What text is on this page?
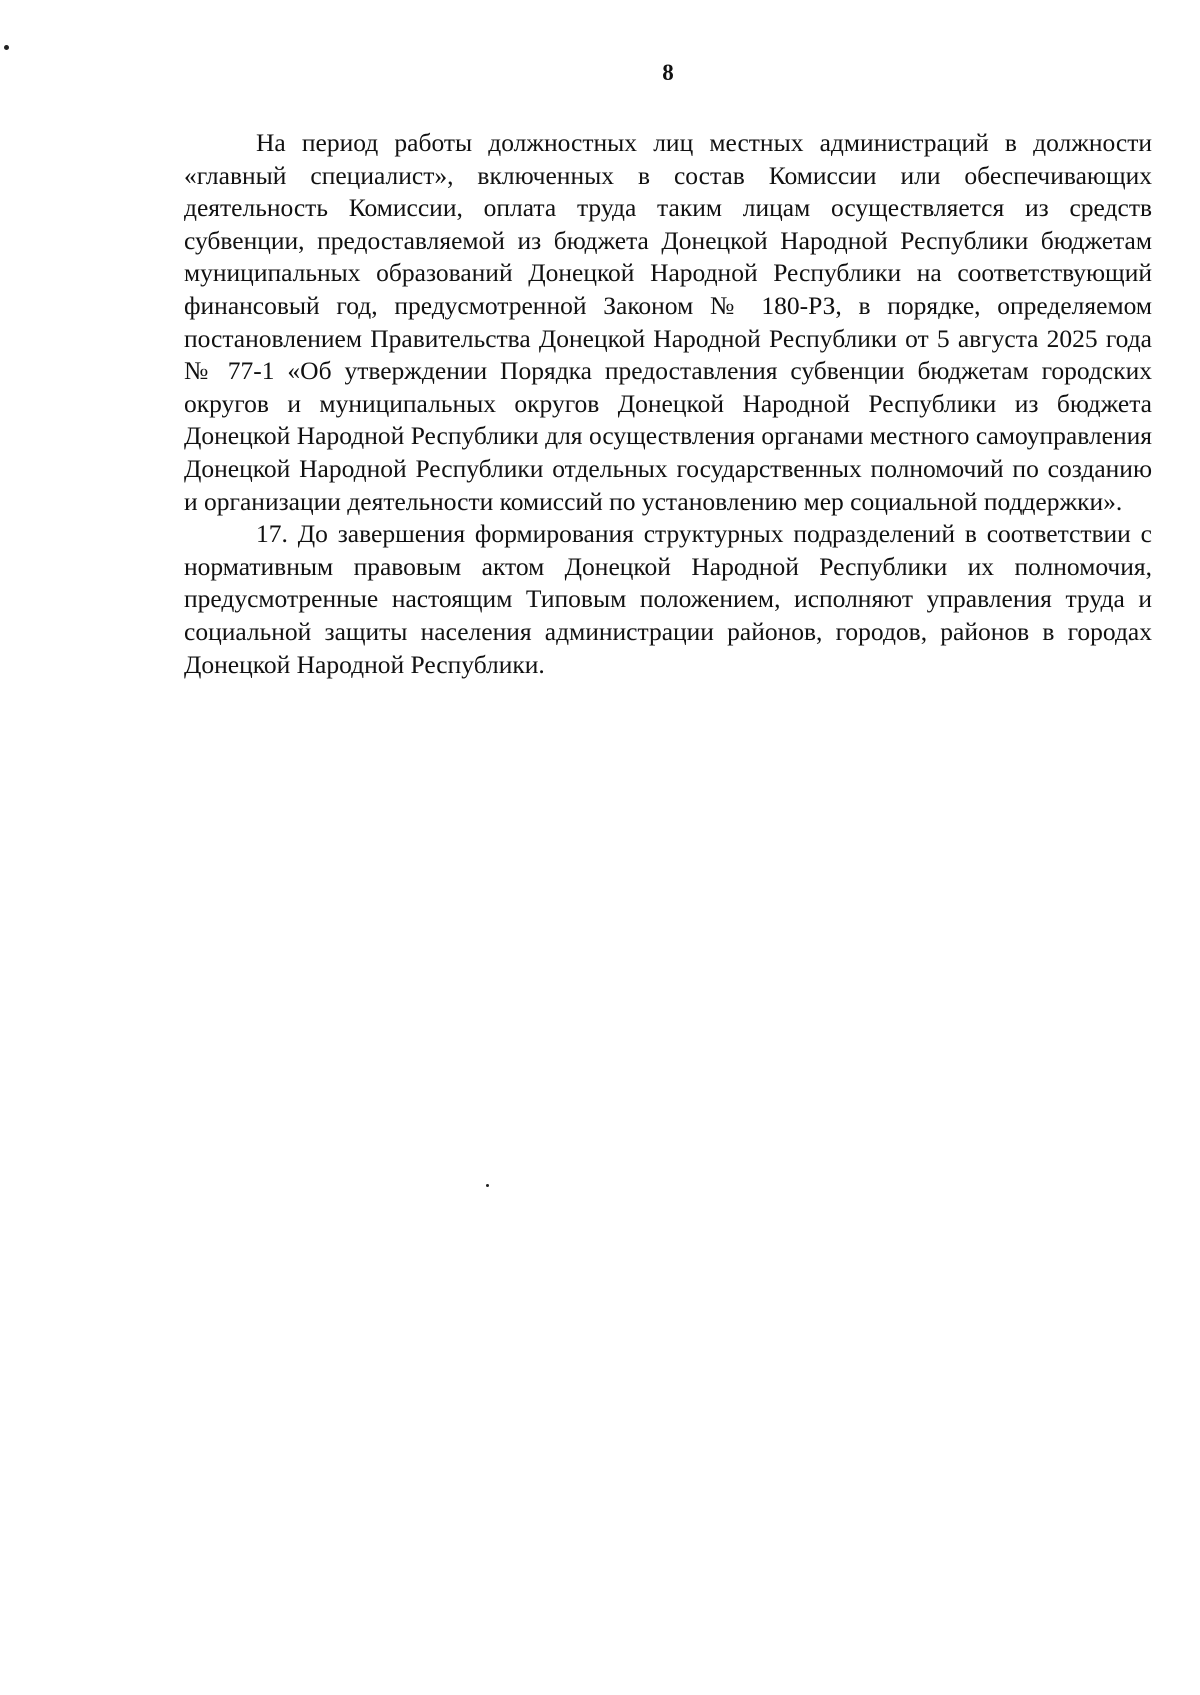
8

На период работы должностных лиц местных администраций в должности «главный специалист», включенных в состав Комиссии или обеспечивающих деятельность Комиссии, оплата труда таким лицам осуществляется из средств субвенции, предоставляемой из бюджета Донецкой Народной Республики бюджетам муниципальных образований Донецкой Народной Республики на соответствующий финансовый год, предусмотренной Законом № 180-РЗ, в порядке, определяемом постановлением Правительства Донецкой Народной Республики от 5 августа 2025 года № 77-1 «Об утверждении Порядка предоставления субвенции бюджетам городских округов и муниципальных округов Донецкой Народной Республики из бюджета Донецкой Народной Республики для осуществления органами местного самоуправления Донецкой Народной Республики отдельных государственных полномочий по созданию и организации деятельности комиссий по установлению мер социальной поддержки».

17. До завершения формирования структурных подразделений в соответствии с нормативным правовым актом Донецкой Народной Республики их полномочия, предусмотренные настоящим Типовым положением, исполняют управления труда и социальной защиты населения администрации районов, городов, районов в городах Донецкой Народной Республики.
